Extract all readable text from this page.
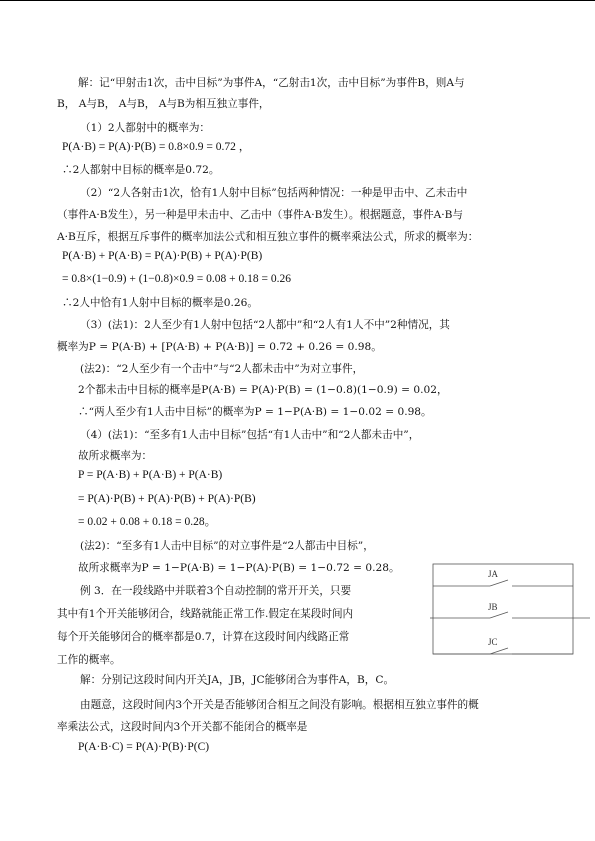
解：记“甲射击1次，击中目标”为事件A，“乙射击1次，击中目标”为事件B，则A与
B， A与B， A与B， A与B为相互独立事件，
（1）2人都射中的概率为：
P(A·B) = P(A)·P(B) = 0.8×0.9 = 0.72 ，
∴2人都射中目标的概率是0.72。
（2）“2人各射击1次，恰有1人射中目标”包括两种情况：一种是甲击中、乙未击中
（事件A·B发生），另一种是甲未击中、乙击中（事件A·B发生）。根据题意，事件A·B与
A·B互斥，根据互斥事件的概率加法公式和相互独立事件的概率乘法公式，所求的概率为：
P(A·B) + P(A·B) = P(A)·P(B) + P(A)·P(B)
= 0.8×(1−0.9) + (1−0.8)×0.9 = 0.08 + 0.18 = 0.26
∴2人中恰有1人射中目标的概率是0.26。
（3）(法1)：2人至少有1人射中包括“2人都中”和“2人有1人不中”2种情况，其
概率为P = P(A·B) + [P(A·B) + P(A·B)] = 0.72 + 0.26 = 0.98。
(法2)：“2人至少有一个击中”与“2人都未击中”为对立事件，
2个都未击中目标的概率是P(A·B) = P(A)·P(B) = (1−0.8)(1−0.9) = 0.02，
∴“两人至少有1人击中目标”的概率为P = 1−P(A·B) = 1−0.02 = 0.98。
（4）(法1)：“至多有1人击中目标”包括“有1人击中”和“2人都未击中”，
故所求概率为：
P = P(A·B) + P(A·B) + P(A·B)
= P(A)·P(B) + P(A)·P(B) + P(A)·P(B)
= 0.02 + 0.08 + 0.18 = 0.28。
(法2)：“至多有1人击中目标”的对立事件是“2人都击中目标”，
故所求概率为P = 1−P(A·B) = 1−P(A)·P(B) = 1−0.72 = 0.28。
例 3．在一段线路中并联着3个自动控制的常开开关，只要
其中有1个开关能够闭合，线路就能正常工作.假定在某段时间内
每个开关能够闭合的概率都是0.7，计算在这段时间内线路正常
工作的概率。
解：分别记这段时间内开关JA，JB，JC能够闭合为事件A，B，C。
由题意，这段时间内3个开关是否能够闭合相互之间没有影响。根据相互独立事件的概
率乘法公式，这段时间内3个开关都不能闭合的概率是
P(A·B·C) = P(A)·P(B)·P(C)
JA
JB
JC
